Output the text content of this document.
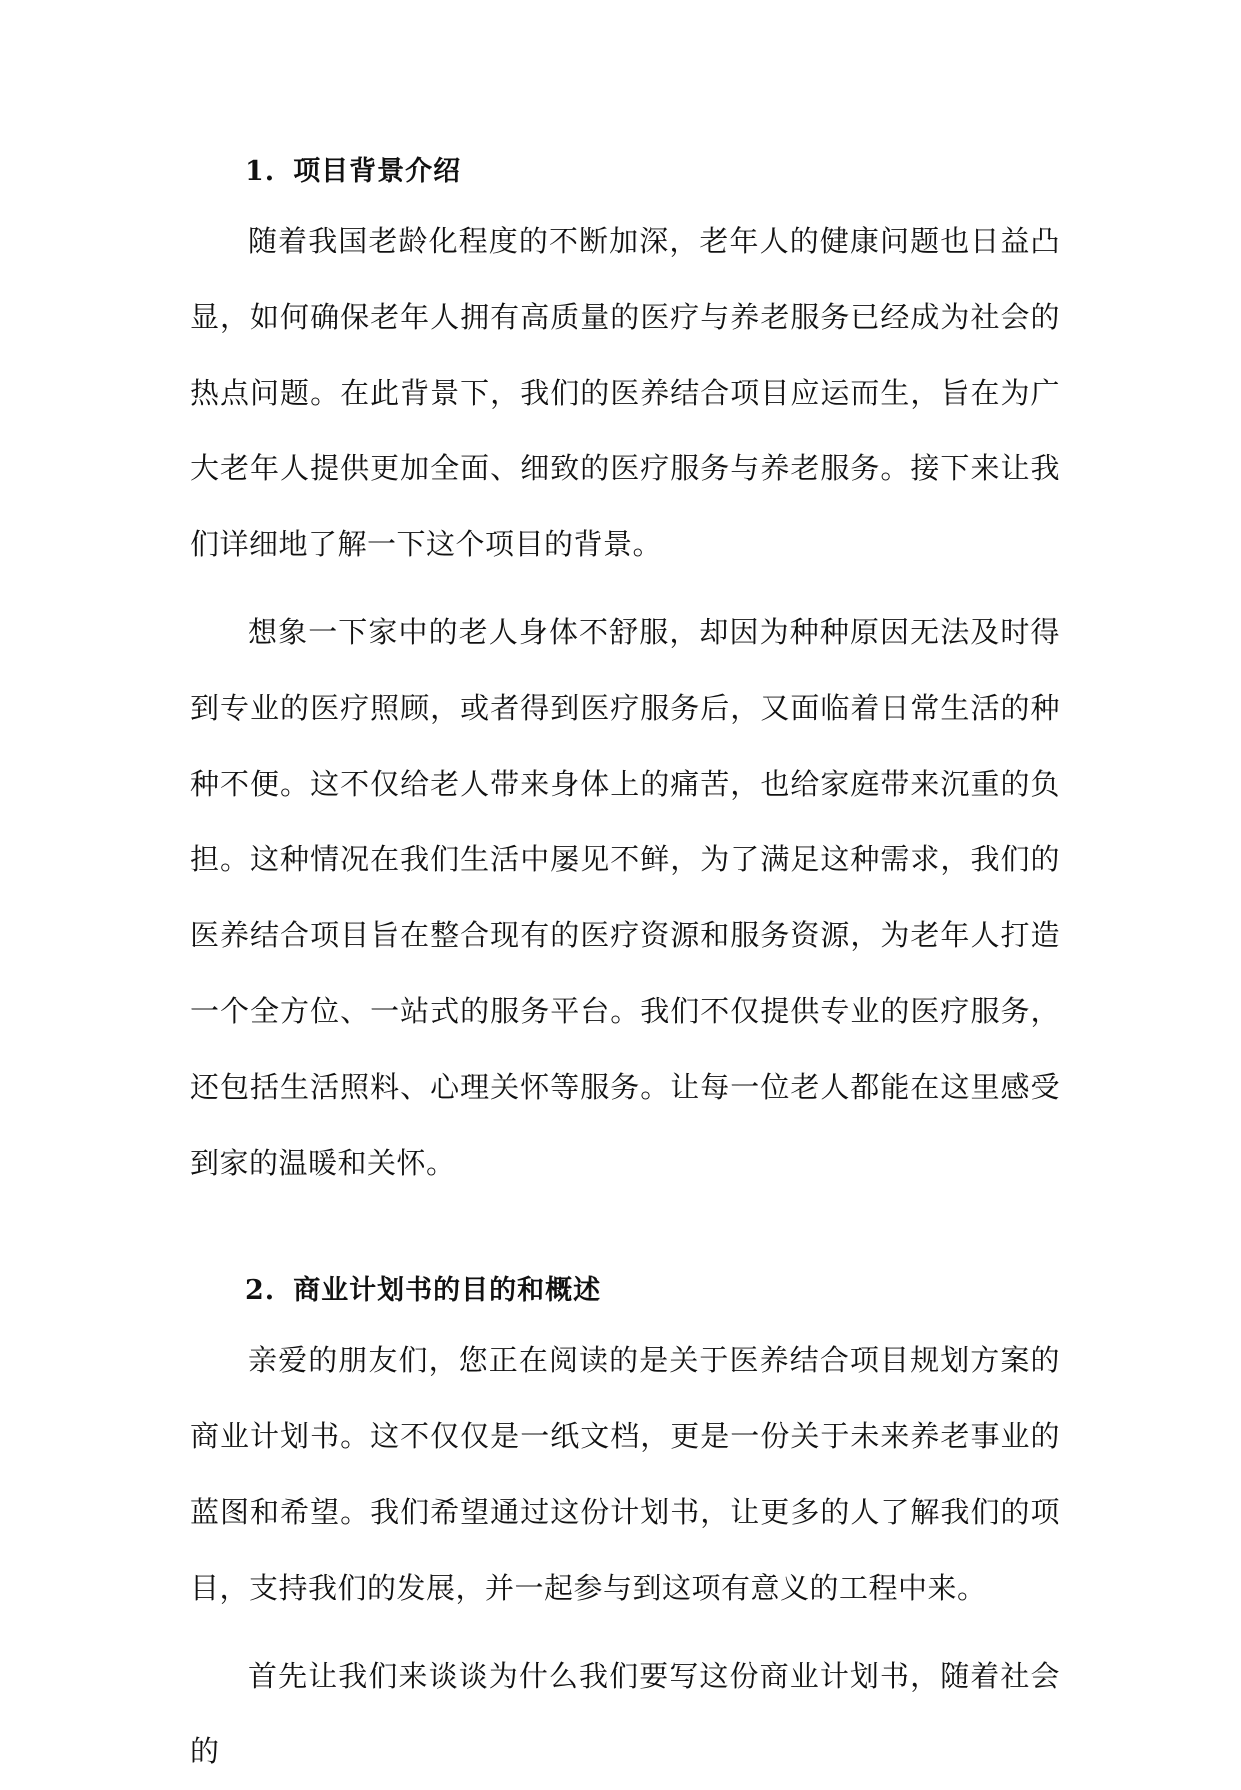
1. 项目背景介绍

随着我国老龄化程度的不断加深，老年人的健康问题也日益凸显，如何确保老年人拥有高质量的医疗与养老服务已经成为社会的热点问题。在此背景下，我们的医养结合项目应运而生，旨在为广大老年人提供更加全面、细致的医疗服务与养老服务。接下来让我们详细地了解一下这个项目的背景。

想象一下家中的老人身体不舒服，却因为种种原因无法及时得到专业的医疗照顾，或者得到医疗服务后，又面临着日常生活的种种不便。这不仅给老人带来身体上的痛苦，也给家庭带来沉重的负担。这种情况在我们生活中屡见不鲜，为了满足这种需求，我们的医养结合项目旨在整合现有的医疗资源和服务资源，为老年人打造一个全方位、一站式的服务平台。我们不仅提供专业的医疗服务，还包括生活照料、心理关怀等服务。让每一位老人都能在这里感受到家的温暖和关怀。

2. 商业计划书的目的和概述

亲爱的朋友们，您正在阅读的是关于医养结合项目规划方案的商业计划书。这不仅仅是一纸文档，更是一份关于未来养老事业的蓝图和希望。我们希望通过这份计划书，让更多的人了解我们的项目，支持我们的发展，并一起参与到这项有意义的工程中来。

首先让我们来谈谈为什么我们要写这份商业计划书，随着社会的
